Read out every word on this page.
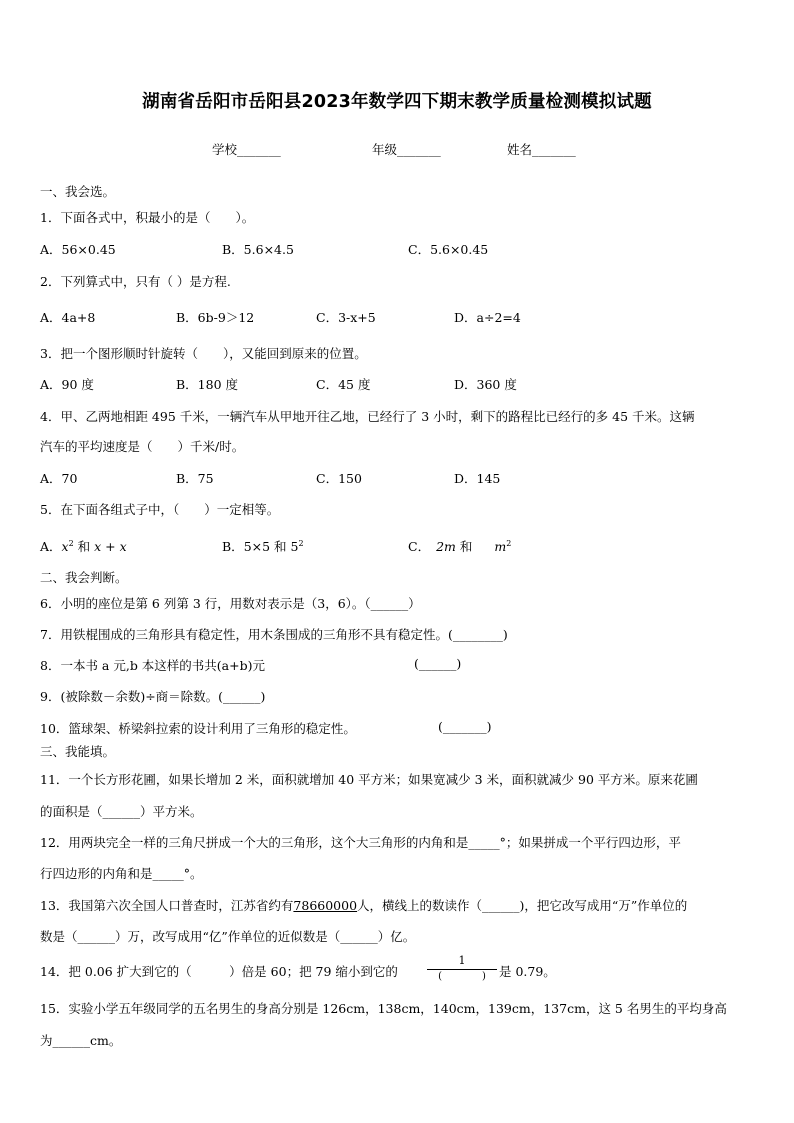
湖南省岳阳市岳阳县2023年数学四下期末教学质量检测模拟试题
学校_______	年级_______	姓名_______
一、我会选。
1．下面各式中，积最小的是（　　）。
A．56×0.45	B．5.6×4.5	C．5.6×0.45
2．下列算式中，只有（ ）是方程.
A．4a+8	B．6b-9＞12	C．3-x+5	D．a÷2=4
3．把一个图形顺时针旋转（　　），又能回到原来的位置。
A．90 度	B．180 度	C．45 度	D．360 度
4．甲、乙两地相距 495 千米，一辆汽车从甲地开往乙地，已经行了 3 小时，剩下的路程比已经行的多 45 千米。这辆
汽车的平均速度是（　　）千米/时。
A．70	B．75	C．150	D．145
5．在下面各组式子中，（　　）一定相等。
A．$x^2$ 和 x + x	B．5×5 和 $5^2$	C． 2m 和 $m^2$
二、我会判断。
6．小明的座位是第 6 列第 3 行，用数对表示是（3，6）。（______）
7．用铁棍围成的三角形具有稳定性，用木条围成的三角形不具有稳定性。(________)
8．一本书 a 元,b 本这样的书共(a+b)元	(______)
9．(被除数－余数)÷商＝除数。(______)
10．篮球架、桥梁斜拉索的设计利用了三角形的稳定性。	(_______)
三、我能填。
11．一个长方形花圃，如果长增加 2 米，面积就增加 40 平方米；如果宽减少 3 米，面积就减少 90 平方米。原来花圃
的面积是（______）平方米。
12．用两块完全一样的三角尺拼成一个大的三角形，这个大三角形的内角和是_____°；如果拼成一个平行四边形，平
行四边形的内角和是_____°。
13．我国第六次全国人口普查时，江苏省约有78660000人，横线上的数读作（______)，把它改写成用“万”作单位的
数是（______）万，改写成用“亿”作单位的近似数是（______）亿。
14．把 0.06 扩大到它的（　　　）倍是 60；把 79 缩小到它的
1
(　　　　)	是 0.79。
15．实验小学五年级同学的五名男生的身高分别是 126cm，138cm，140cm，139cm，137cm，这 5 名男生的平均身高
为______cm。
